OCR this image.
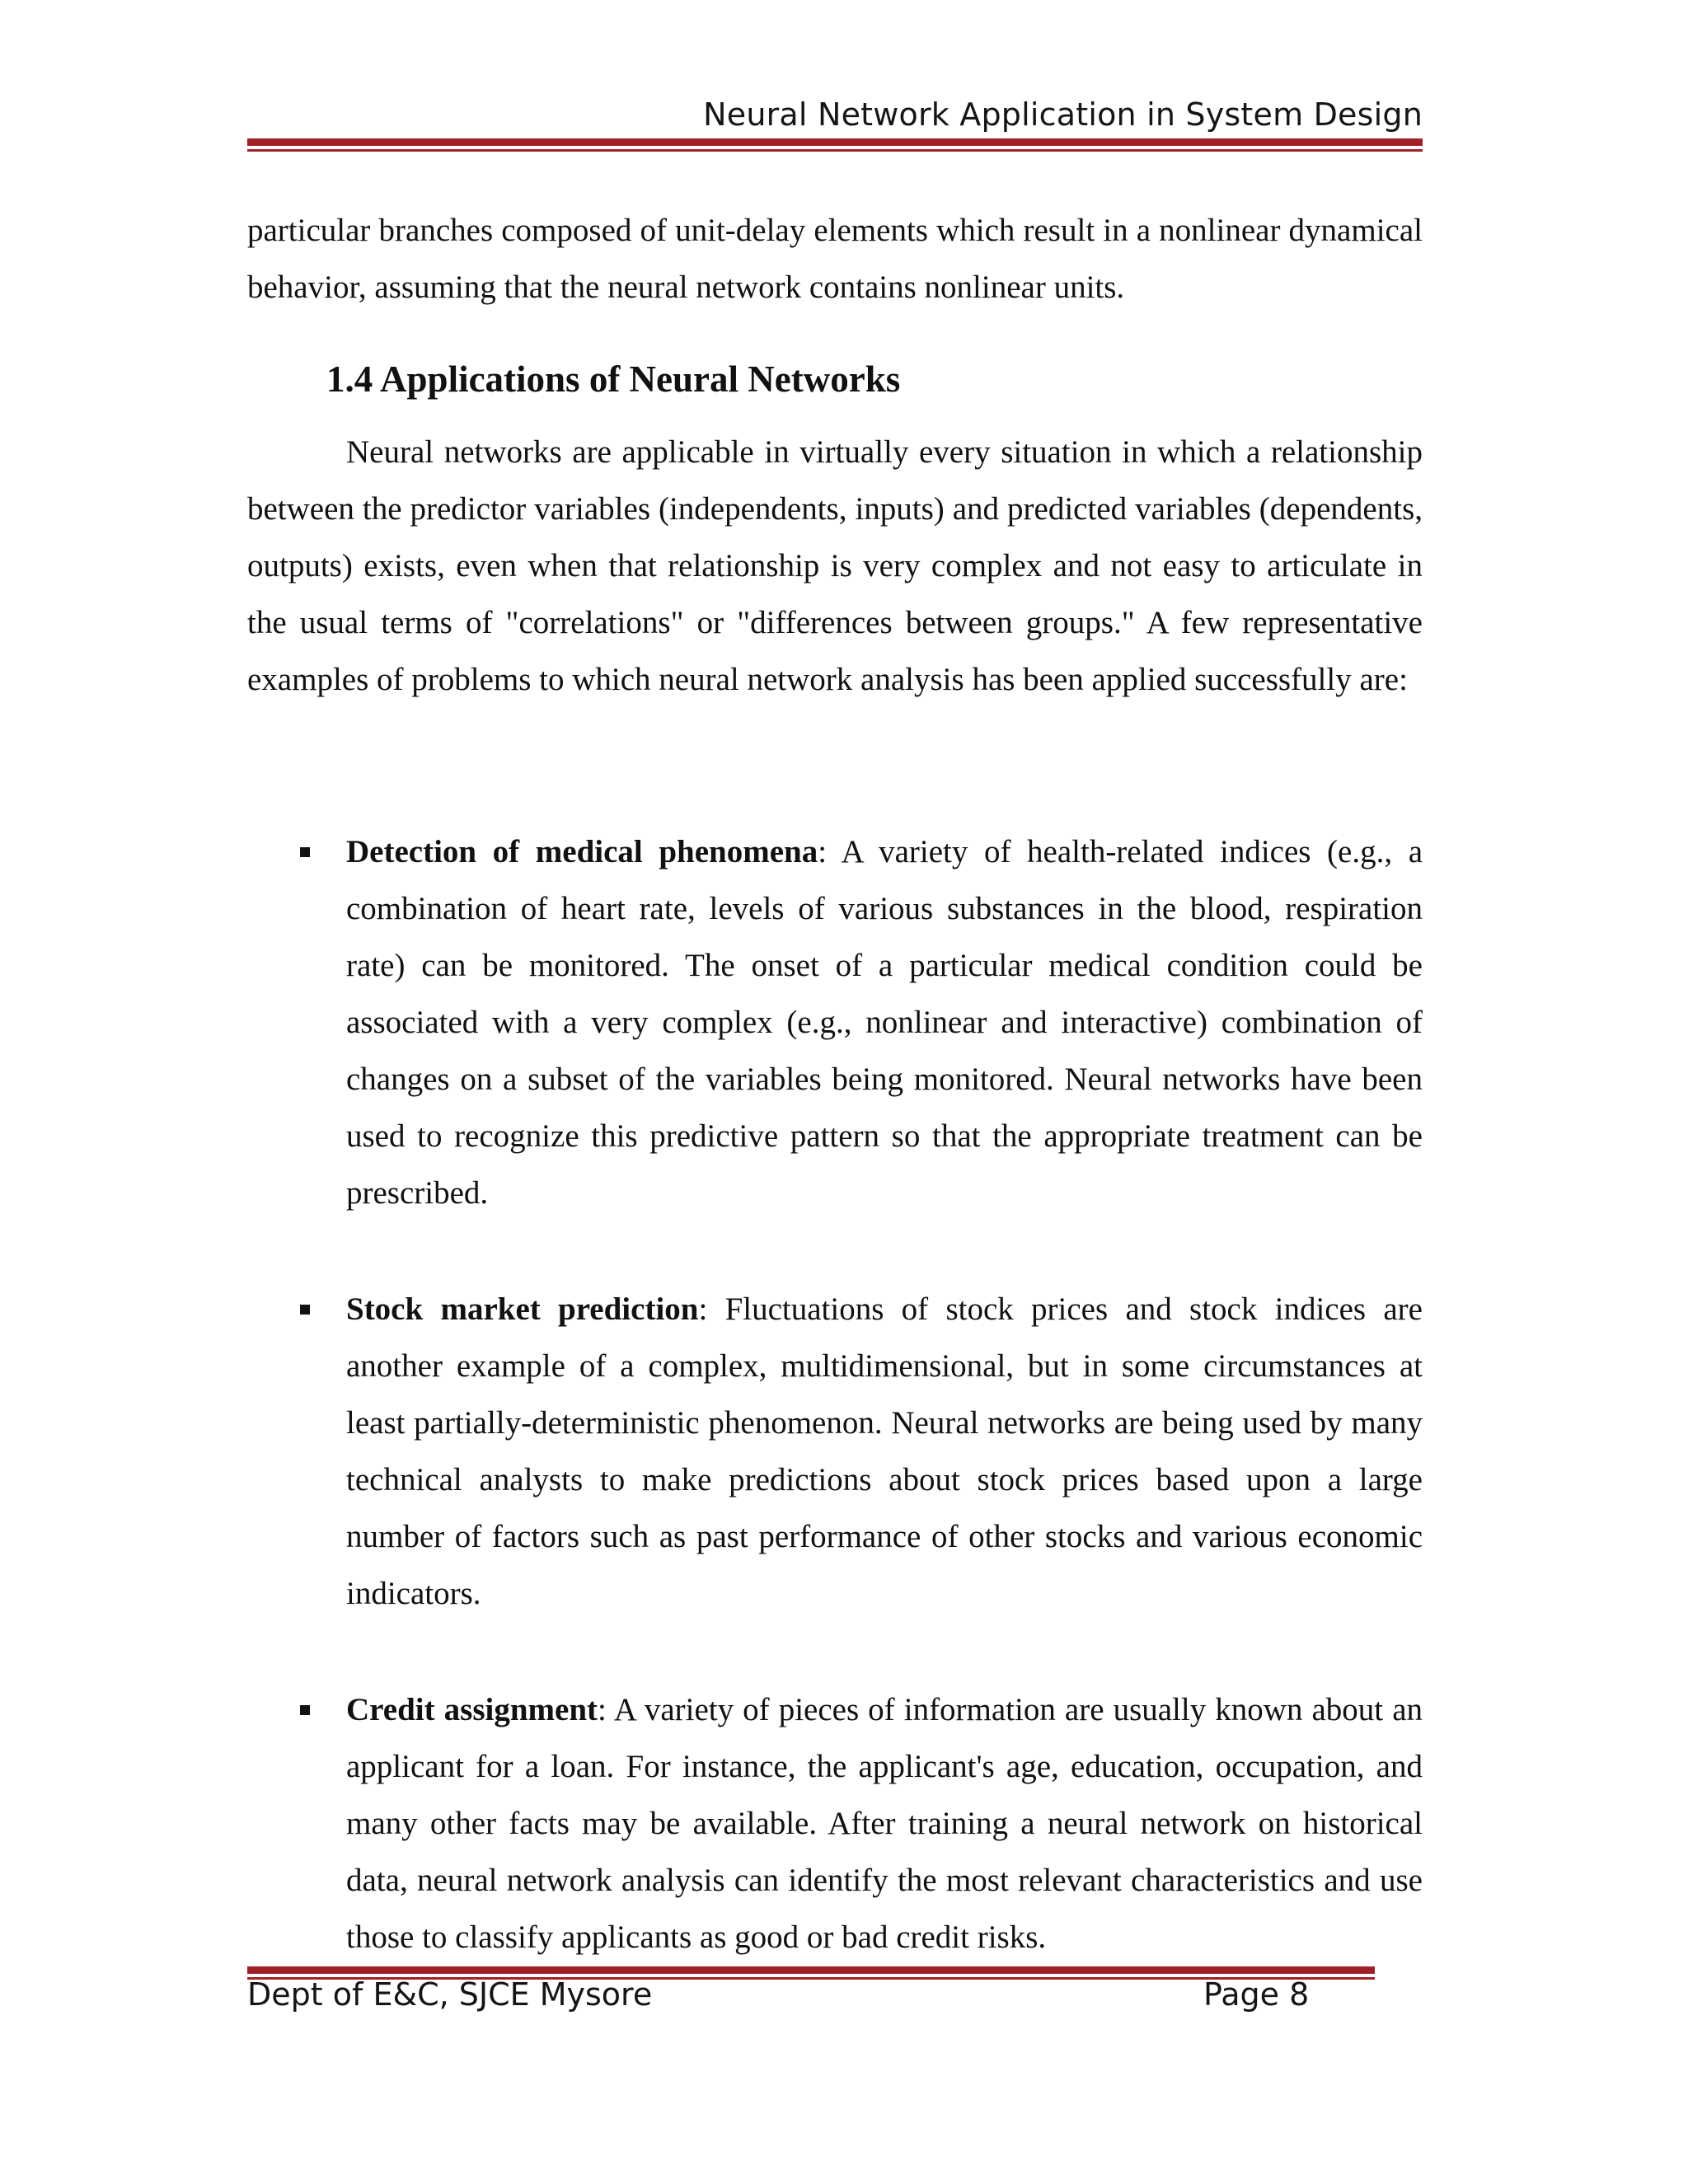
Neural Network Application in System Design
particular branches composed of unit-delay elements which result in a nonlinear dynamical behavior, assuming that the neural network contains nonlinear units.
1.4 Applications of Neural Networks
Neural networks are applicable in virtually every situation in which a relationship between the predictor variables (independents, inputs) and predicted variables (dependents, outputs) exists, even when that relationship is very complex and not easy to articulate in the usual terms of "correlations" or "differences between groups." A few representative examples of problems to which neural network analysis has been applied successfully are:
Detection of medical phenomena: A variety of health-related indices (e.g., a combination of heart rate, levels of various substances in the blood, respiration rate) can be monitored. The onset of a particular medical condition could be associated with a very complex (e.g., nonlinear and interactive) combination of changes on a subset of the variables being monitored. Neural networks have been used to recognize this predictive pattern so that the appropriate treatment can be prescribed.
Stock market prediction: Fluctuations of stock prices and stock indices are another example of a complex, multidimensional, but in some circumstances at least partially-deterministic phenomenon. Neural networks are being used by many technical analysts to make predictions about stock prices based upon a large number of factors such as past performance of other stocks and various economic indicators.
Credit assignment: A variety of pieces of information are usually known about an applicant for a loan. For instance, the applicant's age, education, occupation, and many other facts may be available. After training a neural network on historical data, neural network analysis can identify the most relevant characteristics and use those to classify applicants as good or bad credit risks.
Dept of E&C, SJCE Mysore	Page 8
